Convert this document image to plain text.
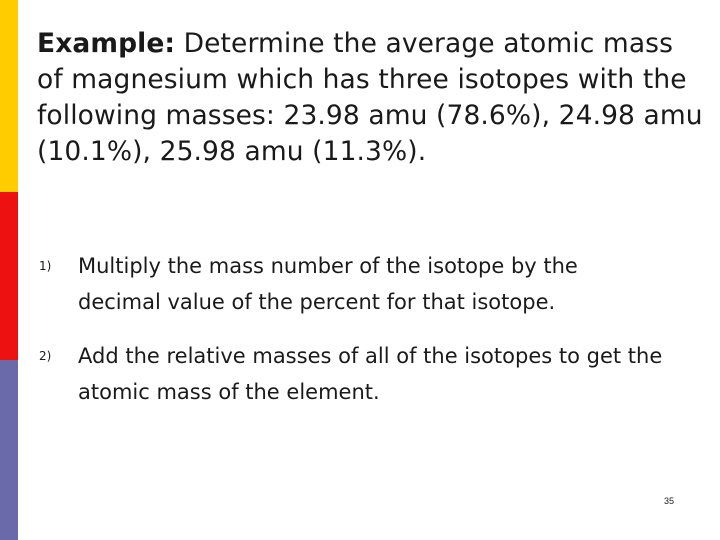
Example: Determine the average atomic mass of magnesium which has three isotopes with the following masses: 23.98 amu (78.6%), 24.98 amu (10.1%), 25.98 amu (11.3%).

1) Multiply the mass number of the isotope by the decimal value of the percent for that isotope.
2) Add the relative masses of all of the isotopes to get the atomic mass of the element.
35
